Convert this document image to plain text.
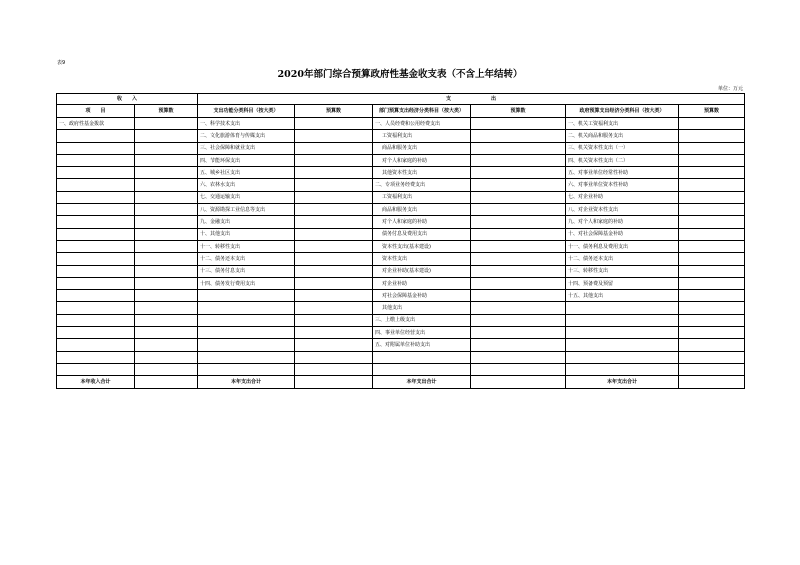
表9
2020年部门综合预算政府性基金收支表（不含上年结转）
单位：万元
收　　入		支　　　　　　　　出					
项　　目	预算数	支出功能分类科目（按大类）	预算数	部门预算支出经济分类科目（按大类）	预算数	政府预算支出经济分类科目（按大类）	预算数
一、政府性基金拨款		一、科学技术支出		一、人员经费和公用经费支出		一、机关工资福利支出	
		二、文化旅游体育与传媒支出		工资福利支出		二、机关商品和服务支出	
		三、社会保障和就业支出		商品和服务支出		三、机关资本性支出（一）	
		四、节能环保支出		对个人和家庭的补助		四、机关资本性支出（二）	
		五、城乡社区支出		其他资本性支出		五、对事业单位经常性补助	
		六、农林水支出		二、专项业务经费支出		六、对事业单位资本性补助	
		七、交通运输支出		工资福利支出		七、对企业补助	
		八、资源勘探工业信息等支出		商品和服务支出		八、对企业资本性支出	
		九、金融支出		对个人和家庭的补助		九、对个人和家庭的补助	
		十、其他支出		债务付息及费用支出		十、对社会保障基金补助	
		十一、转移性支出		资本性支出(基本建设)		十一、债务利息及费用支出	
		十二、债务还本支出		资本性支出		十二、债务还本支出	
		十三、债务付息支出		对企业补助(基本建设)		十三、转移性支出	
		十四、债务发行费用支出		对企业补助		十四、预备费及预留	
				对社会保障基金补助		十五、其他支出	
				其他支出			
				三、上缴上级支出			
				四、事业单位经营支出			
				五、对附属单位补助支出			

本年收入合计		本年支出合计		本年支出合计		本年支出合计	
